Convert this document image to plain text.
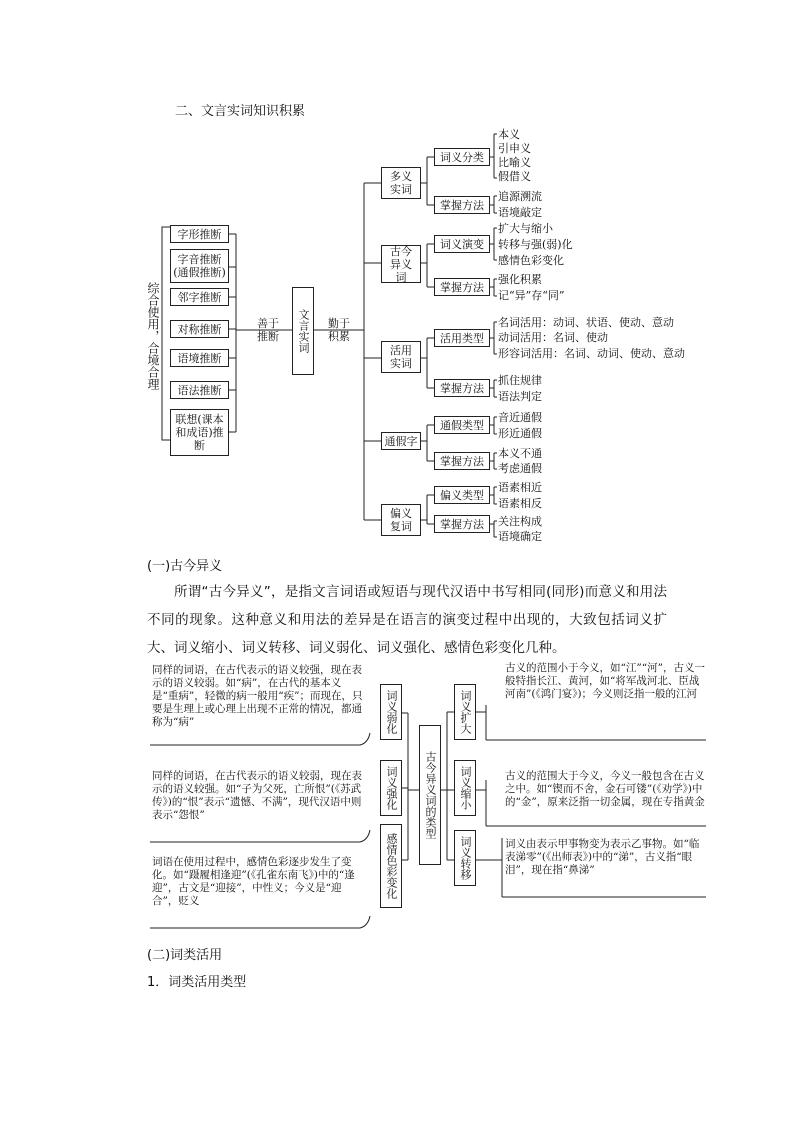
二、文言实词知识积累
综合使用，合境合理
字形推断
字音推断(通假推断)
邻字推断
对称推断
语境推断
语法推断
联想(课本和成语)推断
善于推断
勤于积累
文言实词
多义实词
古今异义词
活用实词
通假字
偏义复词
词义分类
掌握方法
词义演变
掌握方法
活用类型
掌握方法
通假类型
掌握方法
偏义类型
掌握方法
本义
引申义
比喻义
假借义
追源溯流
语境敲定
扩大与缩小
转移与强(弱)化
感情色彩变化
强化积累
记“异”存“同”
名词活用：动词、状语、使动、意动
动词活用：名词、使动
形容词活用：名词、动词、使动、意动
抓住规律
语法判定
音近通假
形近通假
本义不通
考虑通假
语素相近
语素相反
关注构成
语境确定
(一)古今异义
所谓“古今异义”，是指文言词语或短语与现代汉语中书写相同(同形)而意义和用法不同的现象。这种意义和用法的差异是在语言的演变过程中出现的，大致包括词义扩大、词义缩小、词义转移、词义弱化、词义强化、感情色彩变化几种。
同样的词语，在古代表示的语义较强，现在表示的语义较弱。如“病”，在古代的基本义是“重病”，轻微的病一般用“疾”；而现在，只要是生理上或心理上出现不正常的情况，都通称为“病”
同样的词语，在古代表示的语义较弱，现在表示的语义较强。如“子为父死，亡所恨”(《苏武传》)的“恨”表示“遗憾、不满”，现代汉语中则表示“怨恨”
词语在使用过程中，感情色彩逐步发生了变化。如“蹑履相逢迎”(《孔雀东南飞》)中的“逢迎”，古文是“迎接”，中性义；今义是“迎合”，贬义
词义弱化
词义强化
感情色彩变化
古今异义词的类型
词义扩大
词义缩小
词义转移
古义的范围小于今义，如“江”“河”，古义一般特指长江、黄河，如“将军战河北、臣战河南”(《鸿门宴》)；今义则泛指一般的江河
古义的范围大于今义，今义一般包含在古义之中。如“锲而不舍，金石可镂”(《劝学》)中的“金”，原来泛指一切金属，现在专指黄金
词义由表示甲事物变为表示乙事物。如“临表涕零”(《出师表》)中的“涕”，古义指“眼泪”，现在指“鼻涕”
(二)词类活用
1．词类活用类型
